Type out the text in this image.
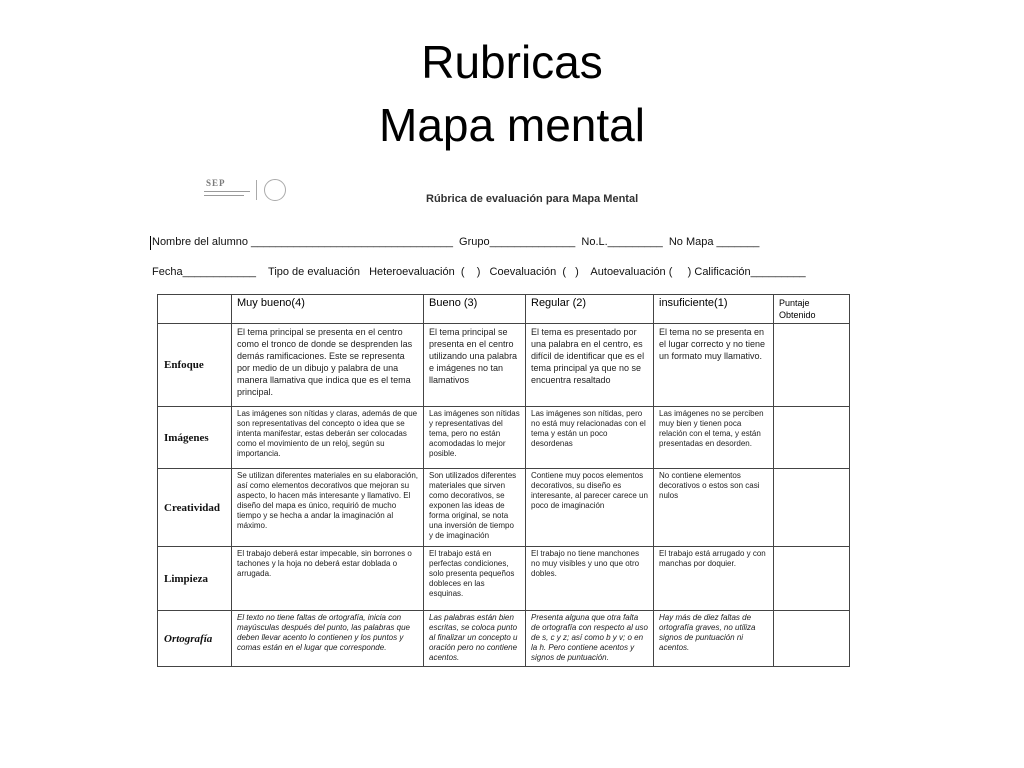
Rubricas
Mapa mental
SEP
Rúbrica de evaluación para Mapa Mental
Nombre del alumno _________________________________  Grupo______________  No.L._________  No Mapa _______
Fecha____________    Tipo de evaluación   Heteroevaluación  (    )   Coevaluación  (   )    Autoevaluación (     ) Calificación_________
	Muy bueno(4)	Bueno (3)	Regular (2)	insuficiente(1)	Puntaje Obtenido
Enfoque	El tema principal se presenta en el centro como el tronco de donde se desprenden las demás ramificaciones. Este se representa por medio de un dibujo y palabra de una manera llamativa que indica que es el tema principal.	El tema principal se presenta en el centro utilizando una palabra e imágenes no tan llamativos	El tema es presentado por una palabra en el centro, es difícil de identificar que es el tema principal ya que no se encuentra resaltado	El tema no se presenta en el lugar correcto y no tiene un formato muy llamativo.	
Imágenes	Las imágenes son nítidas y claras, además de que son representativas del concepto o idea que se intenta manifestar, estas deberán ser colocadas como el movimiento de un reloj, según su importancia.	Las imágenes son nítidas y representativas del tema, pero no están acomodadas lo mejor posible.	Las imágenes son nítidas, pero no está muy relacionadas con el tema y están un poco desordenas	Las imágenes no se perciben muy bien y tienen poca relación con el tema, y están presentadas en desorden.	
Creatividad	Se utilizan diferentes materiales en su elaboración, así como elementos decorativos que mejoran su aspecto, lo hacen más interesante y llamativo. El diseño del mapa es único, requirió de mucho tiempo y se hecha a andar la imaginación al máximo.	Son utilizados diferentes materiales que sirven como decorativos, se exponen las ideas de forma original, se nota una inversión de tiempo y de imaginación	Contiene muy pocos elementos decorativos, su diseño es interesante, al parecer carece un poco de imaginación	No contiene elementos decorativos o estos son casi nulos	
Limpieza	El trabajo deberá estar impecable, sin borrones o tachones y la hoja no deberá estar doblada o arrugada.	El trabajo está en perfectas condiciones, solo presenta pequeños dobleces en las esquinas.	El trabajo no tiene manchones no muy visibles y uno que otro dobles.	El trabajo está arrugado y con manchas por doquier.	
Ortografía	El texto no tiene faltas de ortografía, inicia con mayúsculas después del punto, las palabras que deben llevar acento lo contienen y los puntos y comas están en el lugar que corresponde.	Las palabras están bien escritas, se coloca punto al finalizar un concepto u oración pero no contiene acentos.	Presenta alguna que otra falta de ortografía con respecto al uso de s, c y z; así como b y v; o en la h. Pero contiene acentos y signos de puntuación.	Hay más de diez faltas de ortografía graves, no utiliza signos de puntuación ni acentos.	
